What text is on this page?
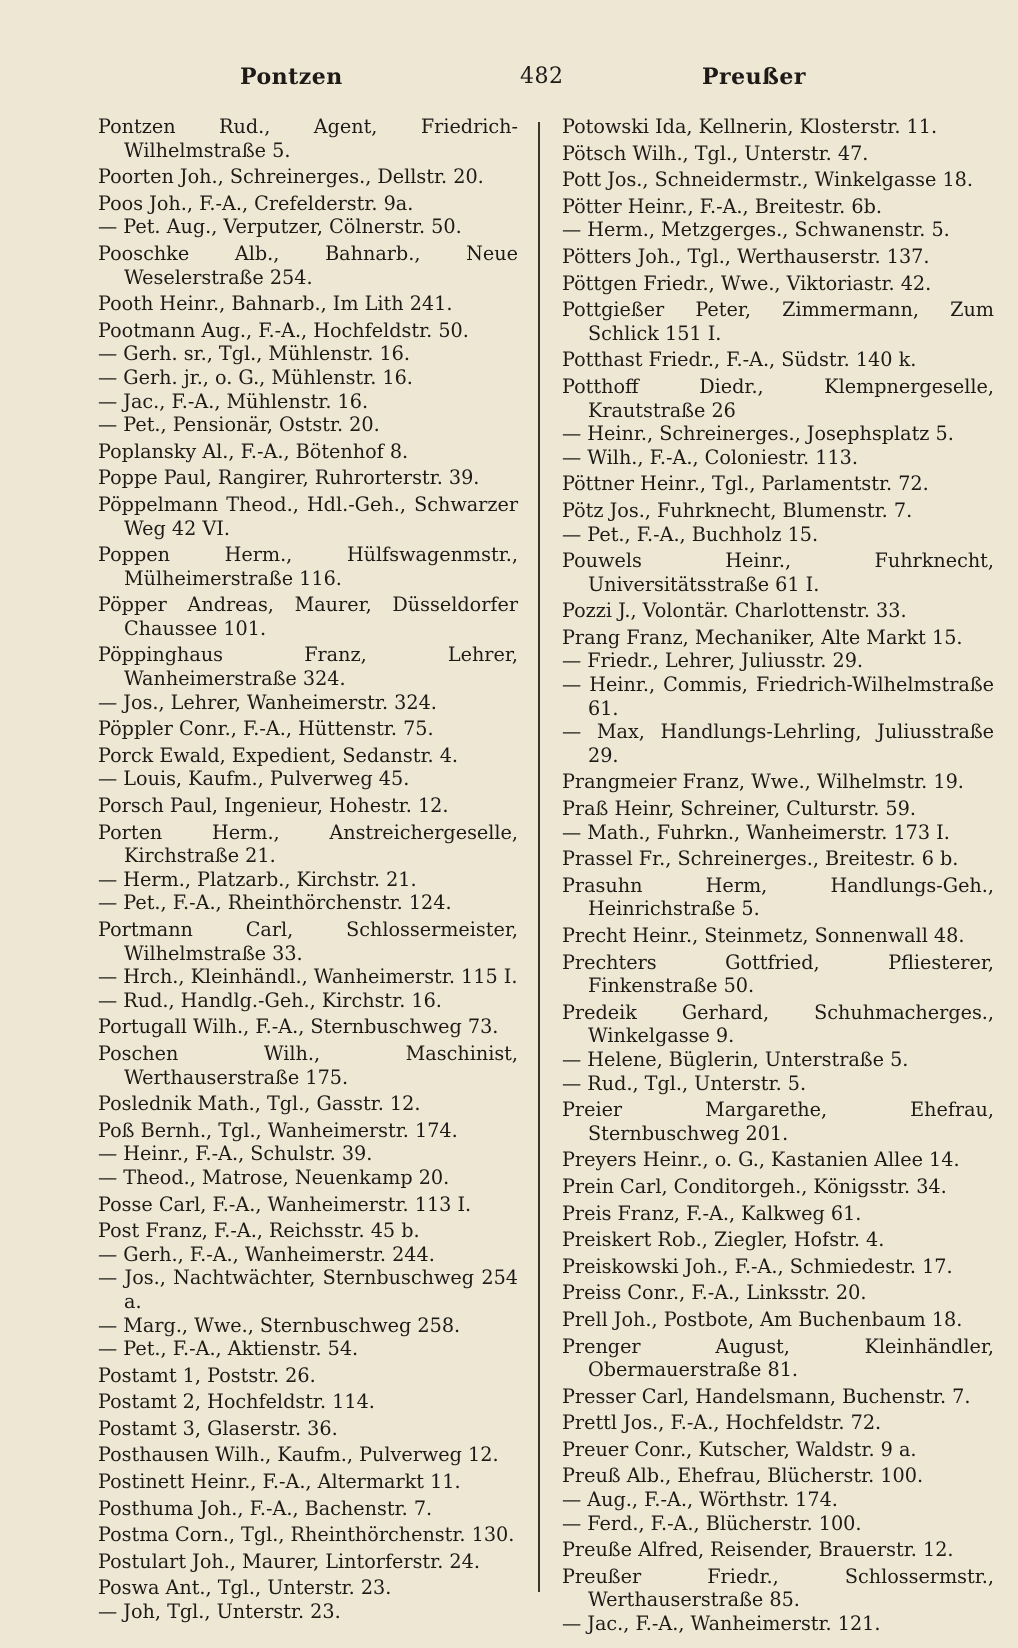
Pontzen	482	Preußer
Pontzen Rud., Agent, Friedrich-Wilhelmstraße 5.
Poorten Joh., Schreinerges., Dellstr. 20.
Poos Joh., F.-A., Crefelderstr. 9a.
— Pet. Aug., Verputzer, Cölnerstr. 50.
Pooschke Alb., Bahnarb., Neue Weselerstraße 254.
Pooth Heinr., Bahnarb., Im Lith 241.
Pootmann Aug., F.-A., Hochfeldstr. 50.
— Gerh. sr., Tgl., Mühlenstr. 16.
— Gerh. jr., o. G., Mühlenstr. 16.
— Jac., F.-A., Mühlenstr. 16.
— Pet., Pensionär, Oststr. 20.
Poplansky Al., F.-A., Bötenhof 8.
Poppe Paul, Rangirer, Ruhrorterstr. 39.
Pöppelmann Theod., Hdl.-Geh., Schwarzer Weg 42 VI.
Poppen Herm., Hülfswagenmstr., Mülheimerstraße 116.
Pöpper Andreas, Maurer, Düsseldorfer Chaussee 101.
Pöppinghaus Franz, Lehrer, Wanheimerstraße 324.
— Jos., Lehrer, Wanheimerstr. 324.
Pöppler Conr., F.-A., Hüttenstr. 75.
Porck Ewald, Expedient, Sedanstr. 4.
— Louis, Kaufm., Pulverweg 45.
Porsch Paul, Ingenieur, Hohestr. 12.
Porten Herm., Anstreichergeselle, Kirchstraße 21.
— Herm., Platzarb., Kirchstr. 21.
— Pet., F.-A., Rheinthörchenstr. 124.
Portmann Carl, Schlossermeister, Wilhelmstraße 33.
— Hrch., Kleinhändl., Wanheimerstr. 115 I.
— Rud., Handlg.-Geh., Kirchstr. 16.
Portugall Wilh., F.-A., Sternbuschweg 73.
Poschen Wilh., Maschinist, Werthauserstraße 175.
Poslednik Math., Tgl., Gasstr. 12.
Poß Bernh., Tgl., Wanheimerstr. 174.
— Heinr., F.-A., Schulstr. 39.
— Theod., Matrose, Neuenkamp 20.
Posse Carl, F.-A., Wanheimerstr. 113 I.
Post Franz, F.-A., Reichsstr. 45 b.
— Gerh., F.-A., Wanheimerstr. 244.
— Jos., Nachtwächter, Sternbuschweg 254 a.
— Marg., Wwe., Sternbuschweg 258.
— Pet., F.-A., Aktienstr. 54.
Postamt 1, Poststr. 26.
Postamt 2, Hochfeldstr. 114.
Postamt 3, Glaserstr. 36.
Posthausen Wilh., Kaufm., Pulverweg 12.
Postinett Heinr., F.-A., Altermarkt 11.
Posthuma Joh., F.-A., Bachenstr. 7.
Postma Corn., Tgl., Rheinthörchenstr. 130.
Postulart Joh., Maurer, Lintorferstr. 24.
Poswa Ant., Tgl., Unterstr. 23.
— Joh, Tgl., Unterstr. 23.
Potowski Ida, Kellnerin, Klosterstr. 11.
Pötsch Wilh., Tgl., Unterstr. 47.
Pott Jos., Schneidermstr., Winkelgasse 18.
Pötter Heinr., F.-A., Breitestr. 6b.
— Herm., Metzgerges., Schwanenstr. 5.
Pötters Joh., Tgl., Werthauserstr. 137.
Pöttgen Friedr., Wwe., Viktoriastr. 42.
Pottgießer Peter, Zimmermann, Zum Schlick 151 I.
Potthast Friedr., F.-A., Südstr. 140 k.
Potthoff Diedr., Klempnergeselle, Krautstraße 26
— Heinr., Schreinerges., Josephsplatz 5.
— Wilh., F.-A., Coloniestr. 113.
Pöttner Heinr., Tgl., Parlamentstr. 72.
Pötz Jos., Fuhrknecht, Blumenstr. 7.
— Pet., F.-A., Buchholz 15.
Pouwels Heinr., Fuhrknecht, Universitätsstraße 61 I.
Pozzi J., Volontär. Charlottenstr. 33.
Prang Franz, Mechaniker, Alte Markt 15.
— Friedr., Lehrer, Juliusstr. 29.
— Heinr., Commis, Friedrich-Wilhelmstraße 61.
— Max, Handlungs-Lehrling, Juliusstraße 29.
Prangmeier Franz, Wwe., Wilhelmstr. 19.
Praß Heinr, Schreiner, Culturstr. 59.
— Math., Fuhrkn., Wanheimerstr. 173 I.
Prassel Fr., Schreinerges., Breitestr. 6 b.
Prasuhn Herm, Handlungs-Geh., Heinrichstraße 5.
Precht Heinr., Steinmetz, Sonnenwall 48.
Prechters Gottfried, Pfliesterer, Finkenstraße 50.
Predeik Gerhard, Schuhmacherges., Winkelgasse 9.
— Helene, Büglerin, Unterstraße 5.
— Rud., Tgl., Unterstr. 5.
Preier Margarethe, Ehefrau, Sternbuschweg 201.
Preyers Heinr., o. G., Kastanien Allee 14.
Prein Carl, Conditorgeh., Königsstr. 34.
Preis Franz, F.-A., Kalkweg 61.
Preiskert Rob., Ziegler, Hofstr. 4.
Preiskowski Joh., F.-A., Schmiedestr. 17.
Preiss Conr., F.-A., Linksstr. 20.
Prell Joh., Postbote, Am Buchenbaum 18.
Prenger August, Kleinhändler, Obermauerstraße 81.
Presser Carl, Handelsmann, Buchenstr. 7.
Prettl Jos., F.-A., Hochfeldstr. 72.
Preuer Conr., Kutscher, Waldstr. 9 a.
Preuß Alb., Ehefrau, Blücherstr. 100.
— Aug., F.-A., Wörthstr. 174.
— Ferd., F.-A., Blücherstr. 100.
Preuße Alfred, Reisender, Brauerstr. 12.
Preußer Friedr., Schlossermstr., Werthauserstraße 85.
— Jac., F.-A., Wanheimerstr. 121.
